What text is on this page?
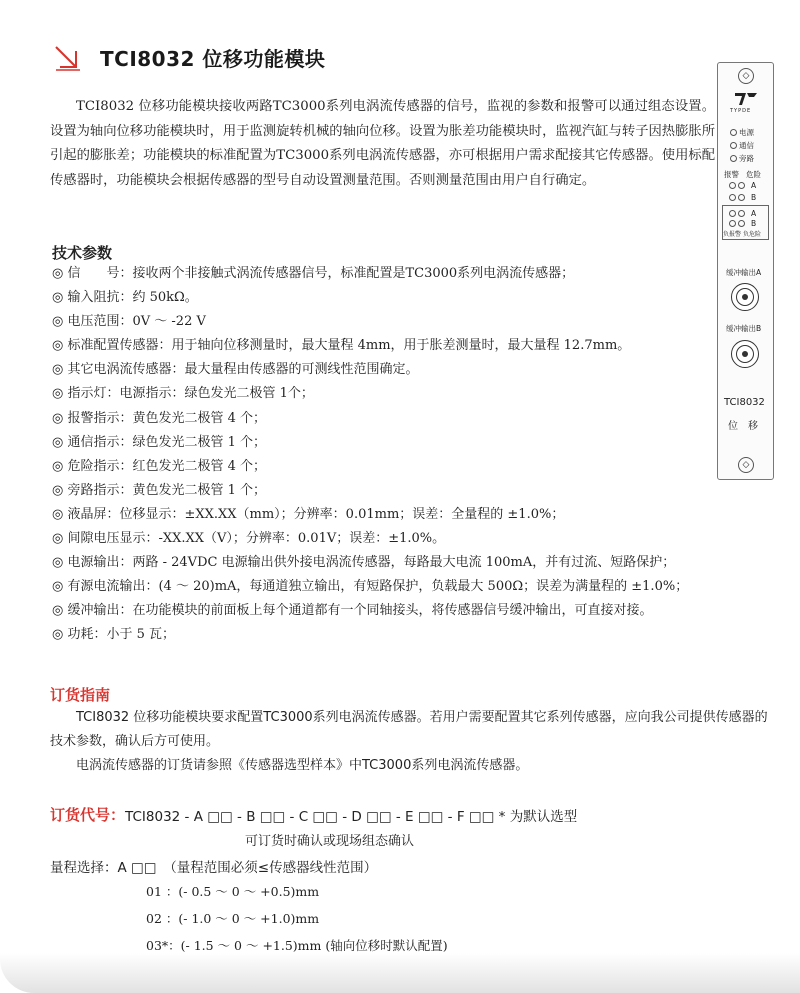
TCI8032 位移功能模块
TCI8032 位移功能模块接收两路TC3000系列电涡流传感器的信号，监视的参数和报警可以通过组态设置。设置为轴向位移功能模块时，用于监测旋转机械的轴向位移。设置为胀差功能模块时，监视汽缸与转子因热膨胀所引起的膨胀差；功能模块的标准配置为TC3000系列电涡流传感器，亦可根据用户需求配接其它传感器。使用标配传感器时，功能模块会根据传感器的型号自动设置测量范围。否则测量范围由用户自行确定。
技术参数
◎ 信　　号：接收两个非接触式涡流传感器信号，标准配置是TC3000系列电涡流传感器；
◎ 输入阻抗：约 50kΩ。
◎ 电压范围：0V ～ -22 V
◎ 标准配置传感器：用于轴向位移测量时，最大量程 4mm，用于胀差测量时，最大量程 12.7mm。
◎ 其它电涡流传感器：最大量程由传感器的可测线性范围确定。
◎ 指示灯：电源指示：绿色发光二极管 1个；
◎ 报警指示：黄色发光二极管 4 个；
◎ 通信指示：绿色发光二极管 1 个；
◎ 危险指示：红色发光二极管 4 个；
◎ 旁路指示：黄色发光二极管 1 个；
◎ 液晶屏：位移显示：±XX.XX（mm）；分辨率：0.01mm；误差：全量程的 ±1.0%；
◎ 间隙电压显示：-XX.XX（V）；分辨率：0.01V；误差：±1.0%。
◎ 电源输出：两路 - 24VDC 电源输出供外接电涡流传感器，每路最大电流 100mA，并有过流、短路保护；
◎ 有源电流输出：(4 ～ 20)mA，每通道独立输出，有短路保护，负载最大 500Ω；误差为满量程的 ±1.0%；
◎ 缓冲输出：在功能模块的前面板上每个通道都有一个同轴接头，将传感器信号缓冲输出，可直接对接。
◎ 功耗：小于 5 瓦；
订货指南

TCI8032 位移功能模块要求配置TC3000系列电涡流传感器。若用户需要配置其它系列传感器，应向我公司提供传感器的技术参数，确认后方可使用。

电涡流传感器的订货请参照《传感器选型样本》中TC3000系列电涡流传感器。

订货代号 ： TCI8032 - A □□ - B □□ - C □□ - D □□ - E □□ - F □□ * 为默认选型
可订货时确认或现场组态确认
量程选择：A □□　（量程范围必须≤传感器线性范围）
01 ：(- 0.5 ～ 0 ～ +0.5)mm
02 ：(- 1.0 ～ 0 ～ +1.0)mm
03*：(- 1.5 ～ 0 ～ +1.5)mm (轴向位移时默认配置)
◇
TYPDE
电源
通信
旁路
报警 危险
A
B
A
B
负报警 负危险
缓冲输出A
缓冲输出B
TCI8032
位　移
◇
